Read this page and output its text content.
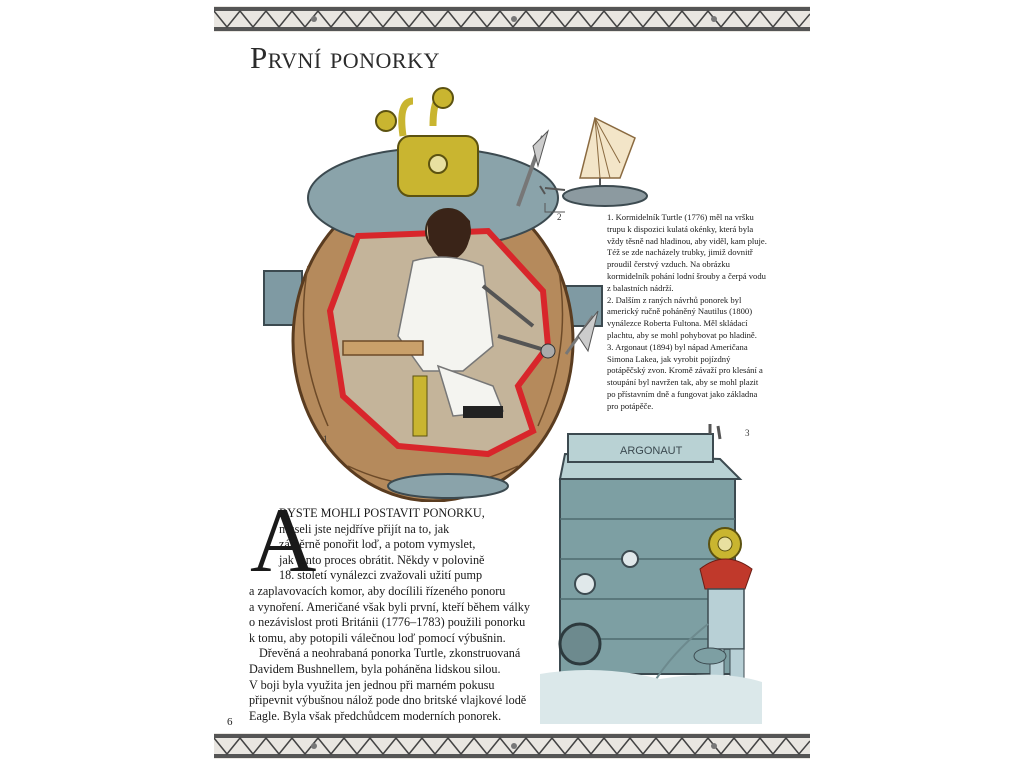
První ponorky
1
2	1. Kormidelník Turtle (1776) měl na vršku trupu k dispozici kulatá okénky, která byla vždy těsně nad hladinou, aby viděl, kam pluje. Též se zde nacházely trubky, jimiž dovnitř proudil čerstvý vzduch. Na obrázku kormidelník pohání lodní šrouby a čerpá vodu z balastních nádrží.

2. Dalším z raných návrhů ponorek byl americký ručně poháněný Nautilus (1800) vynálezce Roberta Fultona. Měl skládací plachtu, aby se mohl pohybovat po hladině.

3. Argonaut (1894) byl nápad Američana Simona Lakea, jak vyrobit pojízdný potápěčský zvon. Kromě závaží pro klesání a stoupání byl navržen tak, aby se mohl plazit po přístavním dně a fungovat jako základna pro potápěče.

ARGONAUT
3
A
BYSTE MOHLI POSTAVIT PONORKU,
museli jste nejdříve přijít na to, jak
záměrně ponořit loď, a potom vymyslet,
jak tento proces obrátit. Někdy v polovině
18. století vynálezci zvažovali užití pump
a zaplavovacích komor, aby docílili řízeného ponoru
a vynoření. Američané však byli první, kteří během války
o nezávislost proti Británii (1776–1783) použili ponorku
k tomu, aby potopili válečnou loď pomocí výbušnin.
Dřevěná a neohrabaná ponorka Turtle, zkonstruovaná
Davidem Bushnellem, byla poháněna lidskou silou.
V boji byla využita jen jednou při marném pokusu
připevnit výbušnou nálož pode dno britské vlajkové lodě
Eagle. Byla však předchůdcem moderních ponorek.
6
